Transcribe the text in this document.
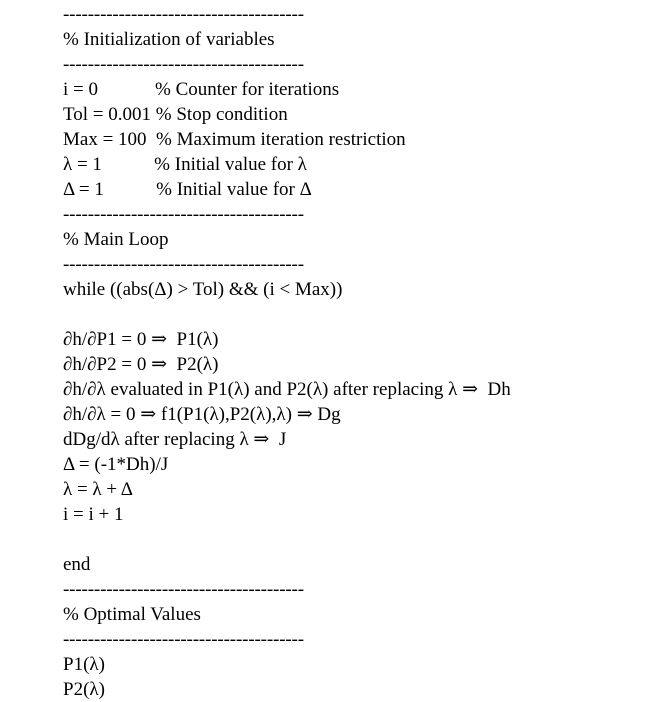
---------------------------------------
% Initialization of variables
---------------------------------------
i = 0            % Counter for iterations
Tol = 0.001 % Stop condition
Max = 100  % Maximum iteration restriction
λ = 1           % Initial value for λ
Δ = 1           % Initial value for Δ
---------------------------------------
% Main Loop
---------------------------------------
while ((abs(Δ) > Tol) && (i < Max))
∂h/∂P1 = 0 ⇒  P1(λ)
∂h/∂P2 = 0 ⇒  P2(λ)
∂h/∂λ evaluated in P1(λ) and P2(λ) after replacing λ ⇒  Dh
∂h/∂λ = 0 ⇒ f1(P1(λ),P2(λ),λ) ⇒ Dg
dDg/dλ after replacing λ ⇒  J
Δ = (-1*Dh)/J
λ = λ + Δ
i = i + 1
end
---------------------------------------
% Optimal Values
---------------------------------------
P1(λ)
P2(λ)
